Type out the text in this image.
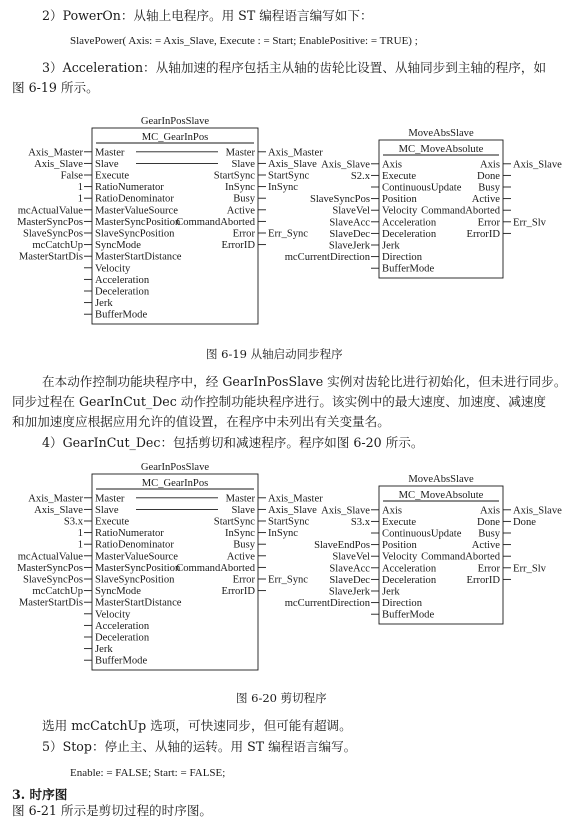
2）PowerOn：从轴上电程序。用 ST 编程语言编写如下：

SlavePower( Axis: = Axis_Slave, Execute : = Start; EnablePositive: = TRUE) ;

3）Acceleration：从轴加速的程序包括主从轴的齿轮比设置、从轴同步到主轴的程序，如

图 6-19 所示。

GearInPosSlave
MC_GearInPos
Master
Axis_Master
Slave
Axis_Slave
Execute
False
RatioNumerator
1
RatioDenominator
1
MasterValueSource
mcActualValue
MasterSyncPosition
MasterSyncPos
SlaveSyncPosition
SlaveSyncPos
SyncMode
mcCatchUp
MasterStartDistance
MasterStartDis
Velocity
Acceleration
Deceleration
Jerk
BufferMode
Master Axis_Master
Slave Axis_Slave
StartSync StartSync
InSync InSync
Busy
Active
CommandAborted
Error Err_Sync
ErrorID
MoveAbsSlave
MC_MoveAbsolute
Axis
Axis_Slave
Execute
S2.x
ContinuousUpdate
Position
SlaveSyncPos
Velocity
SlaveVel
Acceleration
SlaveAcc
Deceleration
SlaveDec
Jerk
SlaveJerk
Direction
mcCurrentDirection
BufferMode
Axis Axis_Slave
Done
Busy
Active
CommandAborted
Error Err_Slv
ErrorID

图 6-19 从轴启动同步程序

在本动作控制功能块程序中，经 GearInPosSlave 实例对齿轮比进行初始化，但未进行同步。

同步过程在 GearInCut_Dec 动作控制功能块程序进行。该实例中的最大速度、加速度、减速度

和加加速度应根据应用允许的值设置，在程序中未列出有关变量名。

4）GearInCut_Dec：包括剪切和减速程序。程序如图 6-20 所示。

GearInPosSlave
MC_GearInPos
Master
Axis_Master
Slave
Axis_Slave
Execute
S3.x
RatioNumerator
1
RatioDenominator
1
MasterValueSource
mcActualValue
MasterSyncPosition
MasterSyncPos
SlaveSyncPosition
SlaveSyncPos
SyncMode
mcCatchUp
MasterStartDistance
MasterStartDis
Velocity
Acceleration
Deceleration
Jerk
BufferMode
Master Axis_Master
Slave Axis_Slave
StartSync StartSync
InSync InSync
Busy
Active
CommandAborted
Error Err_Sync
ErrorID
MoveAbsSlave
MC_MoveAbsolute
Axis
Axis_Slave
Execute
S3.x
ContinuousUpdate
Position
SlaveEndPos
Velocity
SlaveVel
Acceleration
SlaveAcc
Deceleration
SlaveDec
Jerk
SlaveJerk
Direction
mcCurrentDirection
BufferMode
Axis Axis_Slave
Done Done
Busy
Active
CommandAborted
Error Err_Slv
ErrorID

图 6-20 剪切程序

选用 mcCatchUp 选项，可快速同步，但可能有超调。

5）Stop：停止主、从轴的运转。用 ST 编程语言编写。

Enable: = FALSE; Start: = FALSE;

3. 时序图

图 6-21 所示是剪切过程的时序图。
